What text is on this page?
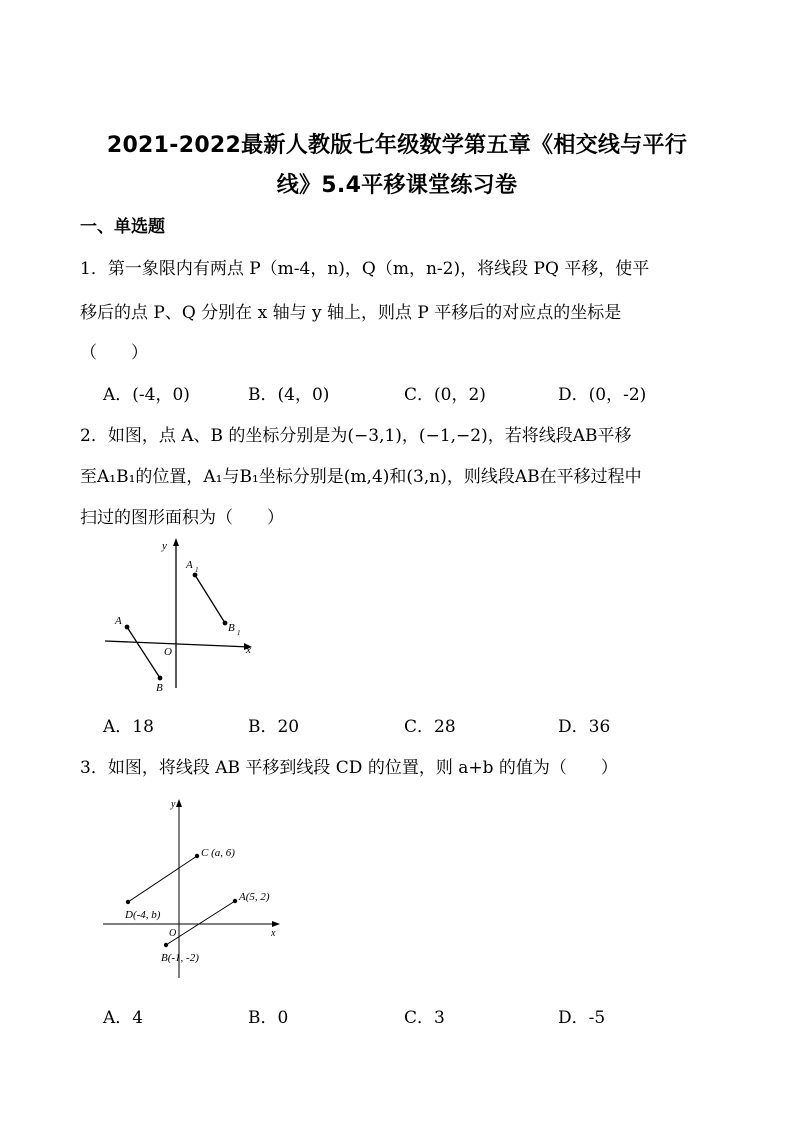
2021-2022最新人教版七年级数学第五章《相交线与平行
线》5.4平移课堂练习卷
一、单选题
1．第一象限内有两点 P（m-4，n)，Q（m，n-2)，将线段 PQ 平移，使平
移后的点 P、Q 分别在 x 轴与 y 轴上，则点 P 平移后的对应点的坐标是
（　　）
A．(-4，0)	B．(4，0)	C．(0，2)	D．(0，-2)
2．如图，点 A、B 的坐标分别是为(−3,1)，(−1,−2)，若将线段AB平移
至A₁B₁的位置，A₁与B₁坐标分别是(m,4)和(3,n)，则线段AB在平移过程中
扫过的图形面积为（　　）
y
x
O
A
B
A 1
B 1
A．18	B．20	C．28	D．36
3．如图，将线段 AB 平移到线段 CD 的位置，则 a+b 的值为（　　）
y
x
O
C (a, 6)
D(-4, b)
A(5, 2)
B(-1, -2)
A．4	B．0	C．3	D．-5
